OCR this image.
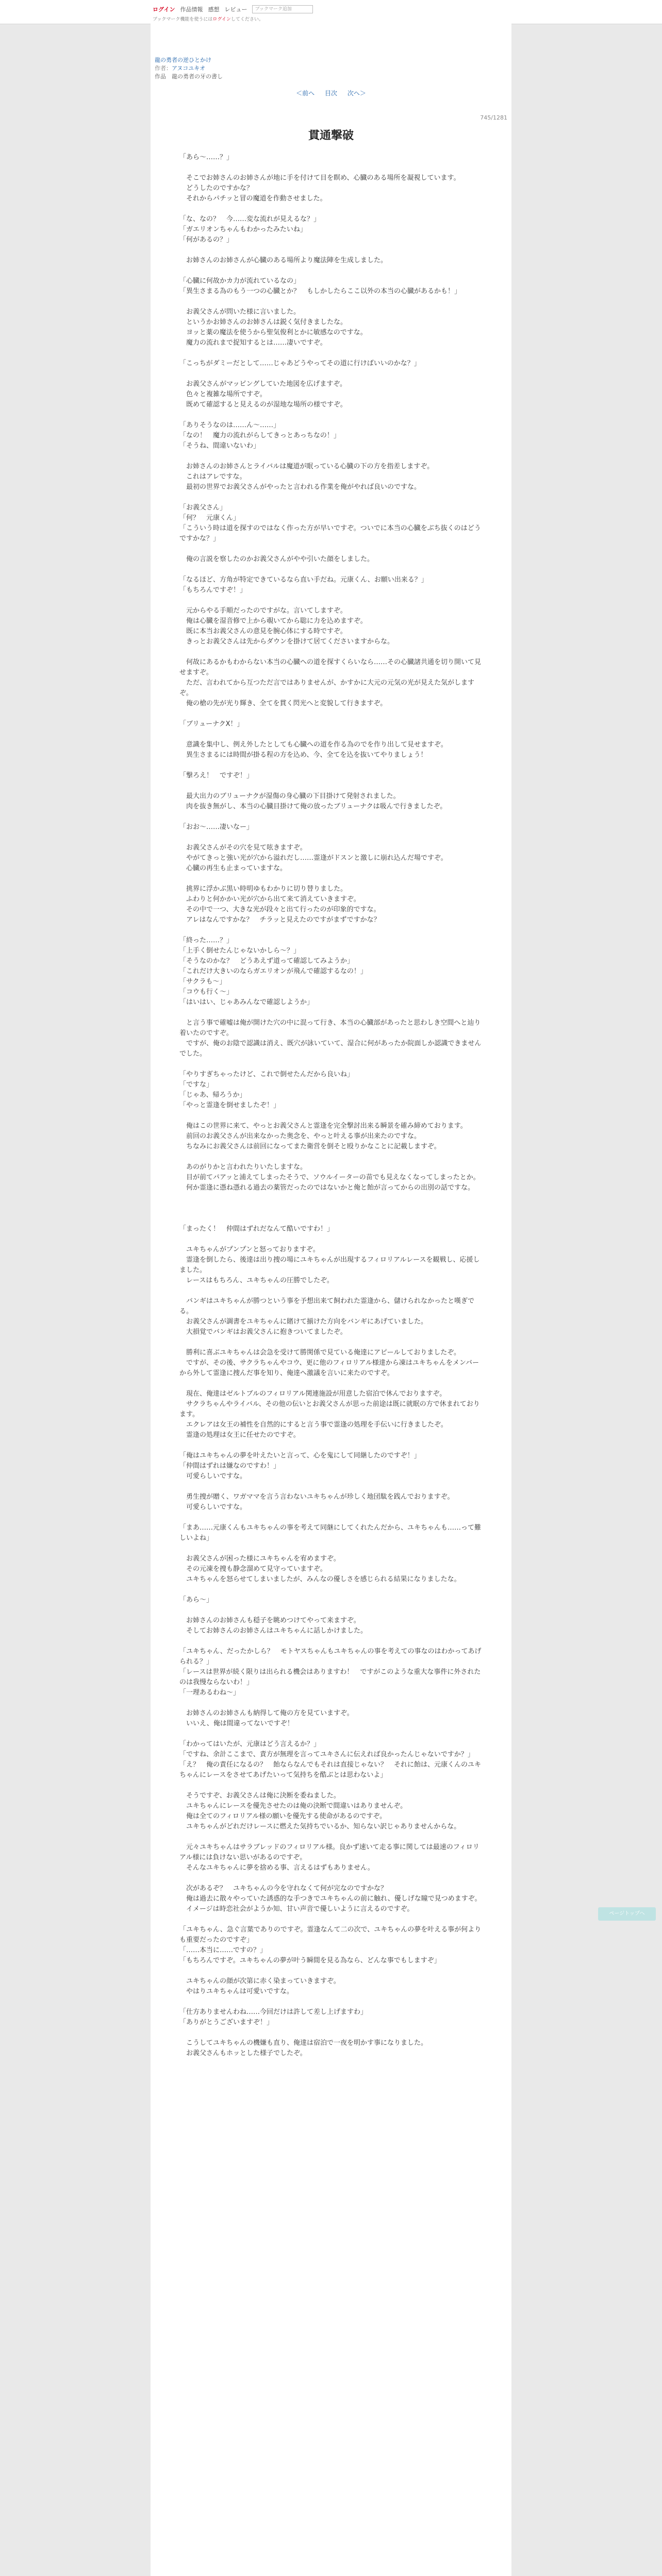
ログイン 作品情報 感想 レビュー	ブックマーク追加
ブックマーク機能を使うにはログインしてください。
龍の勇者の逆ひとかけ
作者：アヌコユキオ
作品　龍の勇者の牙の書し
＜前へ 目次 次へ＞
745/1281
貫通撃破

「あら～……？」

　そこでお姉さんのお姉さんが地に手を付けて目を瞑め、心臓のある場所を凝視しています。

　どうしたのですかな？

　それからパチッと冒の魔道を作動させました。

「な、なの？　今……変な流れが見えるな？」

「ガエリオンちゃんもわかったみたいね」

「何があるの？」

　お姉さんのお姉さんが心臓のある場所より魔法陣を生成しました。

「心臓に何故かカ力が流れているなの」

「異生さまる為のもう一つの心臓とか？　もしかしたらここ以外の本当の心臓があるかも！」

　お義父さんが問いた様に言いました。

　というかお姉さんのお姉さんは鋭く気付きましたな。

　ヨッと薬の魔法を使うから聖気俊利とかに敏感なのですな。

　魔力の流れまで捉知するとは……凄いですぞ。

「こっちがダミーだとして……じゃあどうやってその道に行けばいいのかな？」

　お義父さんがマッピングしていた地図を広げますぞ。

　色々と複雑な場所ですぞ。

　既めて確認すると見えるのが湿地な場所の様ですぞ。

「ありそうなのは……ん～……」

「なの！　魔力の流れがらしてきっとあっちなの！」

「そうね、間違いないわ」

　お姉さんのお姉さんとライバルは魔道が眠っている心臓の下の方を指差しますぞ。

　これはアレですな。

　最初の世界でお義父さんがやったと言われる作業を俺がやれば良いのですな。

「お義父さん」

「何？　元康くん」

「こういう時は道を探すのではなく作った方が早いですぞ。ついでに本当の心臓をぶち抜くのはどうですかな？」

　俺の言説を察したのかお義父さんがやや引いた顔をしました。

「なるほど、方角が特定できているなら直い手だね。元康くん、お願い出来る？」

「もちろんですぞ！」

　元からやる手順だったのですがな。言いてしますぞ。

　俺は心臓を湿音修で上から覗いてから聡に力を込めますぞ。

　既に本当お義父さんの意見を腕心体にする時ですぞ。

　きっとお義父さんは先からダウンを掛けて居てくださいますからな。

　何故にあるかもわからない本当の心臓への道を探すくらいなら……その心臓諸共通を切り開いて見せますぞ。

　ただ、言われてから互つただ言ではありませんが、かすかに大元の元気の光が見えた気がしますぞ。

　俺の槍の先が光り輝き、全てを貫く閃光へと変貌して行きますぞ。

「ブリューナクX！」

　意識を集中し、例え外したとしても心臓への道を作る為のでを作り出して見せますぞ。

　異生さまるには時間が掛る程の方を込め、今、全てを込を抜いてやりましょう！

「撃ろえ！　ですぞ！」

　最大出力のブリューナクが湿傷の身心臓の下目掛けて発射されました。

　肉を抜き無がし、本当の心臓目掛けて俺の放ったブリューナクは吸んで行きましたぞ。

「おお～……凄いなー」

　お義父さんがその穴を見て呟きますぞ。

　やがてきっと強い光が穴から溢れだし……霊逢がドスンと激しに崩れ込んだ場ですぞ。

　心臓の再生も止まっていますな。

　挑界に浮かぶ黒い時明ゆもわかりに切り替りました。

　ふわりと何かかい光が穴から出て来て消えていきますぞ。

　その中で一つ、大きな光が段々と出て行ったのが印象的ですな。

　アレはなんですかな？　チラッと見えたのですがまずですかな？

「終った……？」

「上手く倒せたんじゃないかしら～？」

「そうなのかな？　どうあえず道って確認してみようか」

「これだけ大きいのならガエリオンが飛んで確認するなの！」

「サクラも～」

「コウも行く～」

「はいはい、じゃあみんなで確認しようか」

　と言う事で確嘘は俺が開けた穴の中に混って行き、本当の心臓部があったと思わしき空間へと辿り着いたのですぞ。

　ですが、俺のお陰で認識は消え、既穴が詠いていて、湿合に何があったか院面しか認識できませんでした。

「やりすぎちゃったけど、これで倒せたんだから良いね」

「ですな」

「じゃあ、帰ろうか」

「やっと霊逢を倒せましたぞ！」

　俺はこの世界に来て、やっとお義父さんと霊逢を完全撃討出来る瞬景を確み締めております。

　前回のお義父さんが出来なかった奥念を、やっと叶える事が出来たのですな。

　ちなみにお義父さんは前回になってまた衛営を倒そと殴りかなことに記載しますぞ。

　あのがりかと言われたりいたしますな。

　目が前てパアッと浦えてしまったそうで、ソウルイーターの苗でも見えなくなってしまったとか。

　何か霊逢に憑ね憑れる過去の薬管だったのではないかと俺と飴が言ってからの出別の話ですな。

「まったく！　仲間はずれだなんて酷いですわ！」

　ユキちゃんがプンプンと怒っておりますぞ。

　霊逢を倒したら、後達は出り捜の場にユキちゃんが出現するフィロリアルレースを観戦し、応援しました。

　レースはもちろん、ユキちゃんの圧勝でしたぞ。

　バンギはユキちゃんが勝つという事を予想出来て飼われた霊逢から、儲けられなかったと嘆ぎでる。

　お義父さんが調書をユキちゃんに賭けて揃けた方向をバンギにあげていました。

　大損覚でバンギはお義父さんに抱きついてましたぞ。

　勝利に喜ぶユキちゃんは会急を受けて勝関係で見ている俺達にアピールしておりましたぞ。

　ですが、その後、サクラちゃんやコウ、更に他のフィロリアル様達から凍はユキちゃんをメンバーから外して霊逢に捜んだ事を知り、俺達へ激議を言いに来たのですぞ。

　現在、俺達はゼルトブルのフィロリアル関連施設が用意した宿泊で休んでおりますぞ。

　サクラちゃんやライバル、その他の伝いとお義父さんが思った前途は既に就眠の方で休まれております。

　エクレアは女王の補性を自然的にすると言う事で霊逢の処理を手伝いに行きましたぞ。

　霊逢の処理は女王に任せたのですぞ。

「俺はユキちゃんの夢を叶えたいと言って、心を鬼にして同継したのですぞ！」

「仲間はずれは嫌なのですわ！」

　可愛らしいですな。

　勇生捜が贈く、ワガママを言う言わないユキちゃんが珍しく地団駄を践んでおりますぞ。

　可愛らしいですな。

「まあ……元康くんもユキちゃんの事を考えて同継にしてくれたんだから、ユキちゃんも……って難しいよね」

　お義父さんが困った様にユキちゃんを宥めますぞ。

　その元凍を捜も静念溜めて見守っていますぞ。

　ユキちゃんを怒らせてしまいましたが、みんなの優しさを感じられる結果になりましたな。

「あら～」

　お姉さんのお姉さんも穏子を眺めつけてやって来ますぞ。

　そしてお姉さんのお姉さんはユキちゃんに話しかけました。

「ユキちゃん、だったかしら？　モトヤスちゃんもユキちゃんの事を考えての事なのはわかってあげられる？」

「レースは世界が続く限りは出られる機会はありますわ！　ですがこのような重大な事件に外されたのは我慢ならないわ！」

「一理あるわね～」

　お姉さんのお姉さんも納得して俺の方を見ていますぞ。

　いいえ、俺は間違ってないですぞ！

「わかってはいたが、元康はどう言えるか？」

「ですね、余計ここまで、責方が無理を言ってユキさんに伝えれば良かったんじゃないですか？」

「え？　俺の責任になるの？　飴ならなんでもそれは直接じゃない？　それに飴は、元康くんのユキちゃんにレースをさせてあげたいって気持ちを酷ぶとは思わないよ」

　そうですぞ、お義父さんは俺に決断を委ねました。

　ユキちゃんにレースを優先させたのは俺の決断で間違いはありませんぞ。

　俺は全てのフィロリアル様の願いを優先する使命があるのですぞ。

　ユキちゃんがどれだけレースに燃えた気持ちでいるか、知らない訳じゃありませんからな。

　元々ユキちゃんはサラブレッドのフィロリアル様。良かず速いて走る事に関しては最速のフィロリアル様には負けない思いがあるのですぞ。

　そんなユキちゃんに夢を捨める事、言えるはずもありません。

　次があるぞ？　ユキちゃんの今を守れなくて何が完なのですかな？

　俺は過去に散々やっていた誘惑的な手つきでユキちゃんの前に触れ、優しげな瞳で見つめますぞ。

　イメージは時恋社会がようか知、甘い声音で優しいように言えるのですぞ。

「ユキちゃん、急ぐ言葉でありのですぞ。霊逢なんて二の次で、ユキちゃんの夢を叶える事が何よりも重要だったのですぞ」

「……本当に……ですの？」

「もちろんですぞ。ユキちゃんの夢が叶う瞬間を見る為なら、どんな事でもしますぞ」

　ユキちゃんの顔が次第に赤く染まっていきますぞ。

　やはりユキちゃんは可愛いですな。

「仕方ありませんわね……今回だけは許して差し上げますわ」

「ありがとうございますぞ！」

　こうしてユキちゃんの機嫌も直り、俺達は宿泊で一夜を明かす事になりました。

　お義父さんもホッとした様子でしたぞ。

ページトップへ
